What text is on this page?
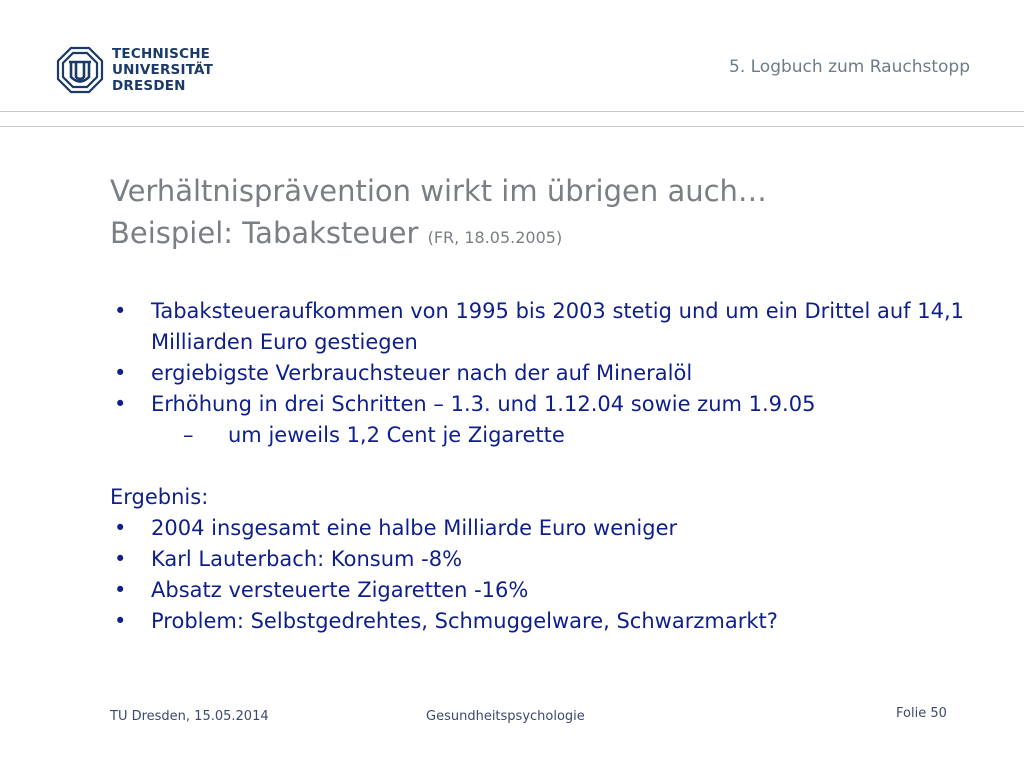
TECHNISCHE
UNIVERSITÄT
DRESDEN
5. Logbuch zum Rauchstopp
Verhältnisprävention wirkt im übrigen auch…
Beispiel: Tabaksteuer (FR, 18.05.2005)
• Tabaksteueraufkommen von 1995 bis 2003 stetig und um ein Drittel auf 14,1 Milliarden Euro gestiegen
• ergiebigste Verbrauchsteuer nach der auf Mineralöl
• Erhöhung in drei Schritten – 1.3. und 1.12.04 sowie zum 1.9.05
– um jeweils 1,2 Cent je Zigarette

Ergebnis:

• 2004 insgesamt eine halbe Milliarde Euro weniger
• Karl Lauterbach: Konsum -8%
• Absatz versteuerte Zigaretten -16%
• Problem: Selbstgedrehtes, Schmuggelware, Schwarzmarkt?
TU Dresden, 15.05.2014	Gesundheitspsychologie	Folie 50
